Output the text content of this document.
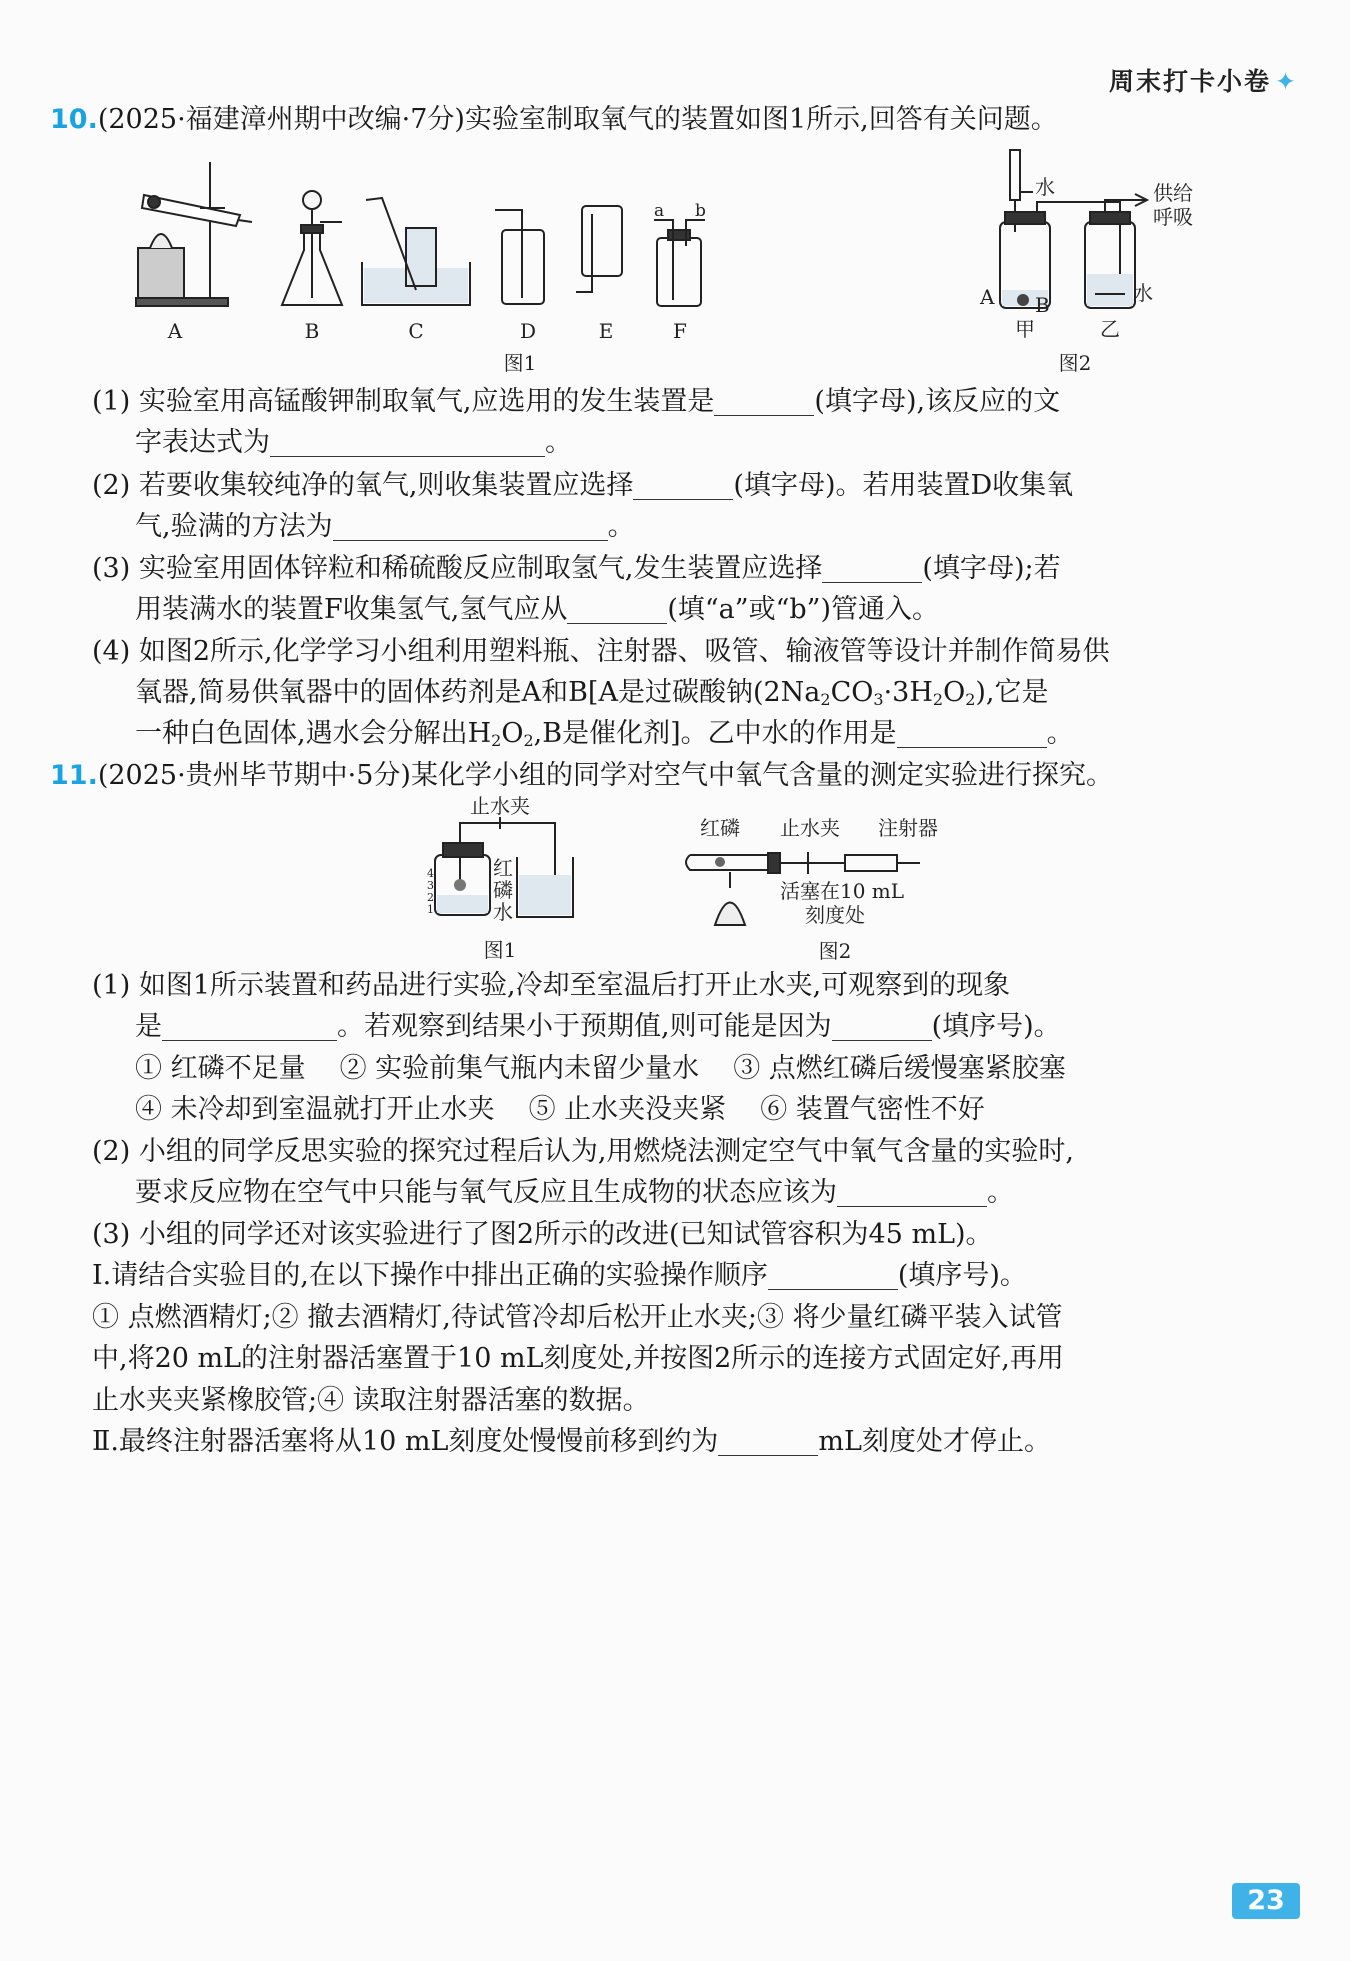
周末打卡小卷 ✦
10.(2025·福建漳州期中改编·7分)实验室制取氧气的装置如图1所示,回答有关问题。
A	B	C	D	E	F
a b
图1
水	供给
呼吸
A B	水
甲	乙
图2
(1) 实验室用高锰酸钾制取氧气,应选用的发生装置是	(填字母),该反应的文
字表达式为	。
(2) 若要收集较纯净的氧气,则收集装置应选择	(填字母)。若用装置D收集氧
气,验满的方法为	。
(3) 实验室用固体锌粒和稀硫酸反应制取氢气,发生装置应选择	(填字母);若
用装满水的装置F收集氢气,氢气应从	(填“a”或“b”)管通入。
(4) 如图2所示,化学学习小组利用塑料瓶、注射器、吸管、输液管等设计并制作简易供
氧器,简易供氧器中的固体药剂是A和B[A是过碳酸钠$(2Na_2CO_3\cdot 3H_2O_2)$,它是
一种白色固体,遇水会分解出$H_2O_2,B$是催化剂]。乙中水的作用是	。
11.(2025·贵州毕节期中·5分)某化学小组的同学对空气中氧气含量的测定实验进行探究。
止水夹
红
磷
水
1
2
3
4
图1
红磷 止水夹 注射器
活塞在10 mL
刻度处
图2
(1) 如图1所示装置和药品进行实验,冷却至室温后打开止水夹,可观察到的现象
是	。若观察到结果小于预期值,则可能是因为	(填序号)。
① 红磷不足量 ② 实验前集气瓶内未留少量水 ③ 点燃红磷后缓慢塞紧胶塞
④ 未冷却到室温就打开止水夹 ⑤ 止水夹没夹紧 ⑥ 装置气密性不好
(2) 小组的同学反思实验的探究过程后认为,用燃烧法测定空气中氧气含量的实验时,
要求反应物在空气中只能与氧气反应且生成物的状态应该为	。
(3) 小组的同学还对该实验进行了图2所示的改进(已知试管容积为45 mL)。
Ⅰ.请结合实验目的,在以下操作中排出正确的实验操作顺序	(填序号)。
① 点燃酒精灯;② 撤去酒精灯,待试管冷却后松开止水夹;③ 将少量红磷平装入试管
中,将20 mL的注射器活塞置于10 mL刻度处,并按图2所示的连接方式固定好,再用
止水夹夹紧橡胶管;④ 读取注射器活塞的数据。
Ⅱ.最终注射器活塞将从10 mL刻度处慢慢前移到约为	mL刻度处才停止。
23
